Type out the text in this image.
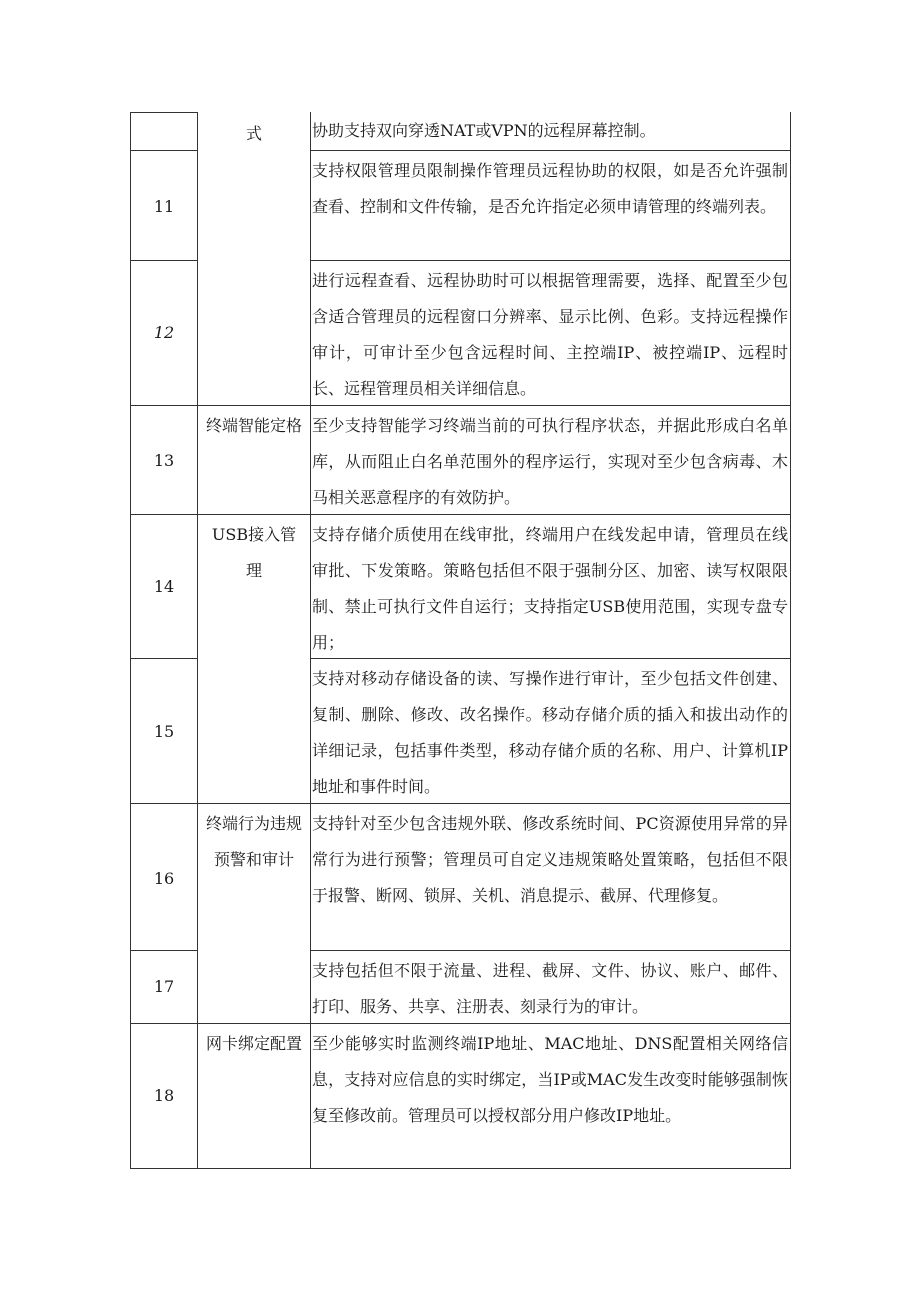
式	协助支持双向穿透NAT或VPN的远程屏幕控制。
11
支持权限管理员限制操作管理员远程协助的权限，如是否允许强制查看、控制和文件传输，是否允许指定必须申请管理的终端列表。
12
进行远程查看、远程协助时可以根据管理需要，选择、配置至少包含适合管理员的远程窗口分辨率、显示比例、色彩。支持远程操作审计，可审计至少包含远程时间、主控端IP、被控端IP、远程时长、远程管理员相关详细信息。
13
终端智能定格 至少支持智能学习终端当前的可执行程序状态，并据此形成白名单库，从而阻止白名单范围外的程序运行，实现对至少包含病毒、木马相关恶意程序的有效防护。
14
USB接入管理
支持存储介质使用在线审批，终端用户在线发起申请，管理员在线审批、下发策略。策略包括但不限于强制分区、加密、读写权限限制、禁止可执行文件自运行；支持指定USB使用范围，实现专盘专用；
15
支持对移动存储设备的读、写操作进行审计，至少包括文件创建、复制、删除、修改、改名操作。移动存储介质的插入和拔出动作的详细记录，包括事件类型，移动存储介质的名称、用户、计算机IP地址和事件时间。
16
终端行为违规预警和审计
支持针对至少包含违规外联、修改系统时间、PC资源使用异常的异常行为进行预警；管理员可自定义违规策略处置策略，包括但不限于报警、断网、锁屏、关机、消息提示、截屏、代理修复。
17
支持包括但不限于流量、进程、截屏、文件、协议、账户、邮件、打印、服务、共享、注册表、刻录行为的审计。
18
网卡绑定配置 至少能够实时监测终端IP地址、MAC地址、DNS配置相关网络信息，支持对应信息的实时绑定，当IP或MAC发生改变时能够强制恢复至修改前。管理员可以授权部分用户修改IP地址。
